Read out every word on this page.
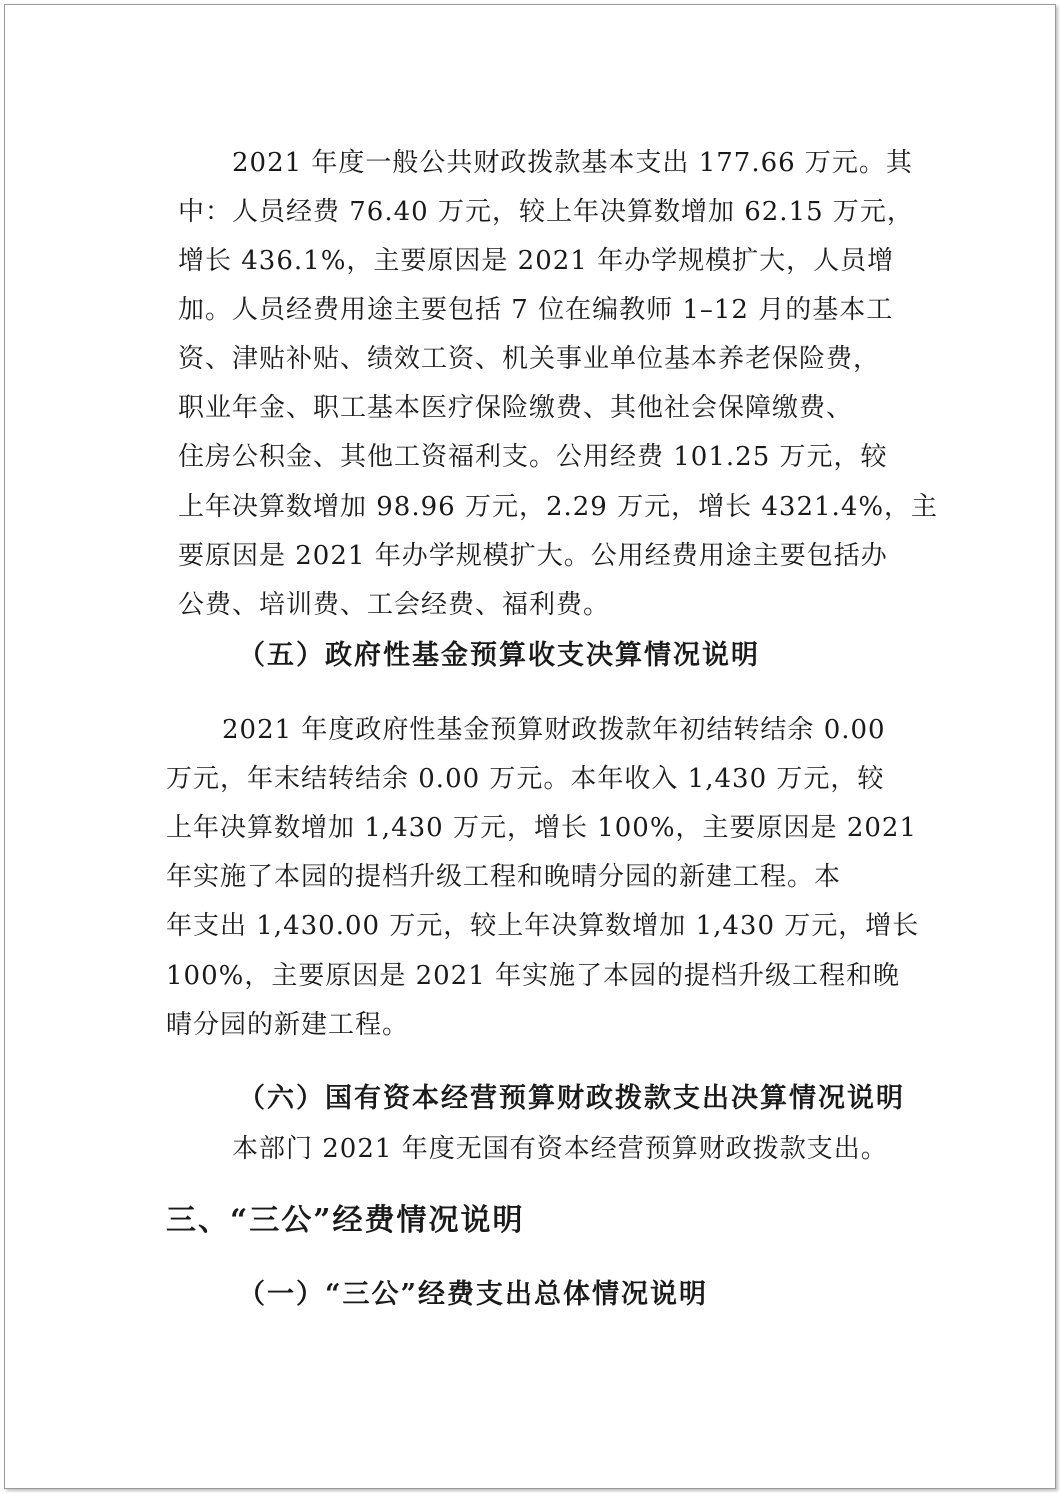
2021 年度一般公共财政拨款基本支出 177.66 万元。其
中：人员经费 76.40 万元，较上年决算数增加 62.15 万元，
增长 436.1%，主要原因是 2021 年办学规模扩大，人员增
加。人员经费用途主要包括 7 位在编教师 1–12 月的基本工
资、津贴补贴、绩效工资、机关事业单位基本养老保险费，
职业年金、职工基本医疗保险缴费、其他社会保障缴费、
住房公积金、其他工资福利支。公用经费 101.25 万元，较
上年决算数增加 98.96 万元，2.29 万元，增长 4321.4%，主
要原因是 2021 年办学规模扩大。公用经费用途主要包括办
公费、培训费、工会经费、福利费。
（五）政府性基金预算收支决算情况说明
2021 年度政府性基金预算财政拨款年初结转结余 0.00
万元，年末结转结余 0.00 万元。本年收入 1,430 万元，较
上年决算数增加 1,430 万元，增长 100%，主要原因是 2021
年实施了本园的提档升级工程和晚晴分园的新建工程。本
年支出 1,430.00 万元，较上年决算数增加 1,430 万元，增长
100%，主要原因是 2021 年实施了本园的提档升级工程和晚
晴分园的新建工程。
（六）国有资本经营预算财政拨款支出决算情况说明
本部门 2021 年度无国有资本经营预算财政拨款支出。
三、“三公”经费情况说明
（一）“三公”经费支出总体情况说明
